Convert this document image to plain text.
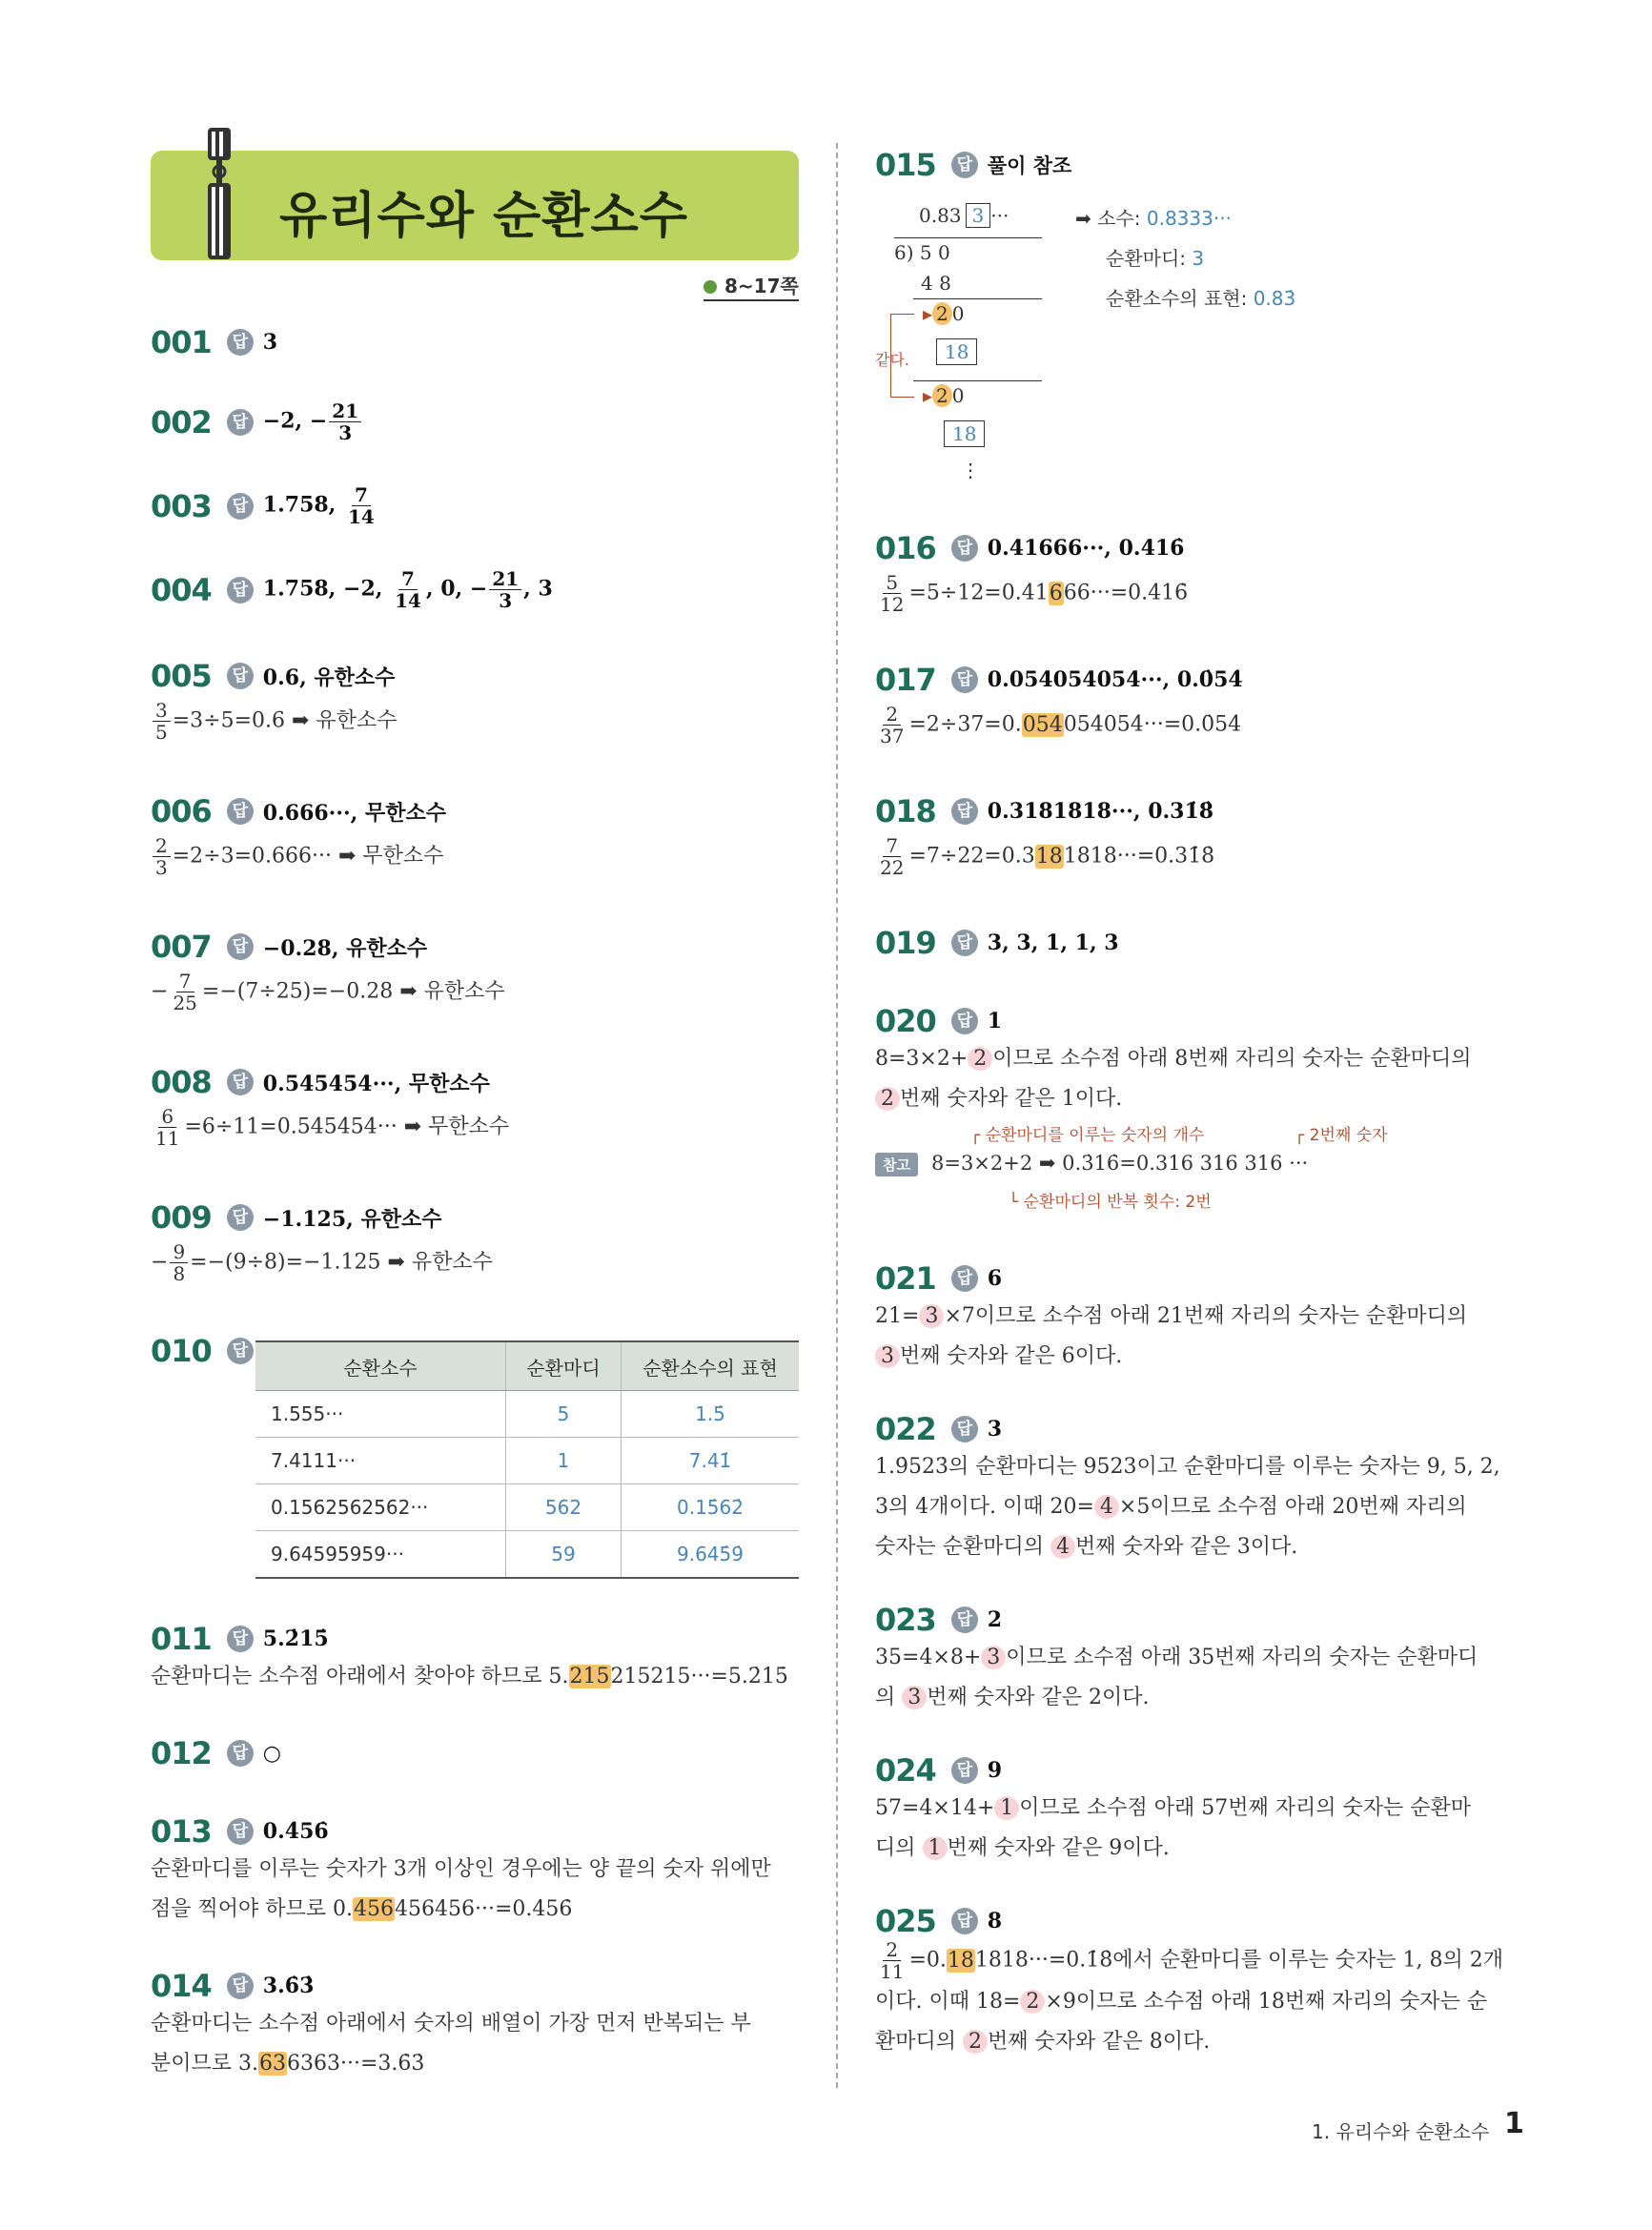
유리수와 순환소수
8~17쪽
001 답 3
002 답 −2, − $\frac{21}{3}$
003 답 1.758, $\frac{7}{14}$
004 답 1.758, −2, $\frac{7}{14}$ , 0, − $\frac{21}{3}$ , 3
005 답 0.6, 유한소수
$\frac{3}{5} =3\div 5=0.6$ ➡ 유한소수
006 답 0.666···, 무한소수
$\frac{2}{3} =2\div 3=0.666\cdot\cdot\cdot$ ➡ 무한소수
007 답 −0.28, 유한소수
− $\frac{7}{25} =-(7\div 25)=-0.28$ ➡ 유한소수
008 답 0.545454···, 무한소수
$\frac{6}{11} =6\div 11=0.545454\cdot\cdot\cdot$ ➡ 무한소수
009 답 −1.125, 유한소수
− $\frac{9}{8} =-(9\div 8)=-1.125$ ➡ 유한소수
010 답
순환소수	순환마디	순환소수의 표현
1.555···	5	1.5̇
7.4111···	1	7.41̇
0.1562562562···	562	0.15̇62̇
9.64595959···	59	9.645̇9̇
011 답 5.2̇15̇
순환마디는 소수점 아래에서 찾아야 하므로 5.215215215···=5.2̇15̇
012 답 ○
013 답 0.4̇56̇
순환마디를 이루는 숫자가 3개 이상인 경우에는 양 끝의 숫자 위에만
점을 찍어야 하므로 0.456456456···=0.4̇56̇
014 답 3.6̇3̇
순환마디는 소수점 아래에서 숫자의 배열이 가장 먼저 반복되는 부
분이므로 3.636363···=3.6̇3̇
015 답 풀이 참조
0.83 3 ···
6) 5 0
4 8
▸ 2 0
18
▸ 2 0
18
⋮
같다.
➡ 소수: 0.8333···
순환마디: 3
순환소수의 표현: 0.83̇
016 답 0.41666···, 0.416̇
$\frac{5}{12}$ =5÷12=0.41666···=0.416̇
017 답 0.054054054···, 0.0̇54̇
$\frac{2}{37}$ =2÷37=0.054054054···=0.0̇54̇
018 답 0.3181818···, 0.31̇8̇
$\frac{7}{22}$ =7÷22=0.3181818···=0.31̇8̇
019 답 3, 3, 1, 1, 3
020 답 1
8=3×2+ 2 이므로 소수점 아래 8번째 자리의 숫자는 순환마디의
2 번째 숫자와 같은 1이다.
┌ 순환마디를 이루는 숫자의 개수	┌ 2번째 숫자
참고 8=3×2+2 ➡ 0.3̇16̇=0.316 316 316 ···
└ 순환마디의 반복 횟수: 2번
021 답 6
21= 3 ×7이므로 소수점 아래 21번째 자리의 숫자는 순환마디의
3 번째 숫자와 같은 6이다.
022 답 3
1.9̇523̇의 순환마디는 9523이고 순환마디를 이루는 숫자는 9, 5, 2,
3의 4개이다. 이때 20= 4 ×5이므로 소수점 아래 20번째 자리의
숫자는 순환마디의 4 번째 숫자와 같은 3이다.
023 답 2
35=4×8+ 3 이므로 소수점 아래 35번째 자리의 숫자는 순환마디
의 3 번째 숫자와 같은 2이다.
024 답 9
57=4×14+ 1 이므로 소수점 아래 57번째 자리의 숫자는 순환마
디의 1 번째 숫자와 같은 9이다.
025 답 8
$\frac{2}{11}$ =0.181818···=0.1̇8̇에서 순환마디를 이루는 숫자는 1, 8의 2개
이다. 이때 18= 2 ×9이므로 소수점 아래 18번째 자리의 숫자는 순
환마디의 2 번째 숫자와 같은 8이다.
1. 유리수와 순환소수 1
